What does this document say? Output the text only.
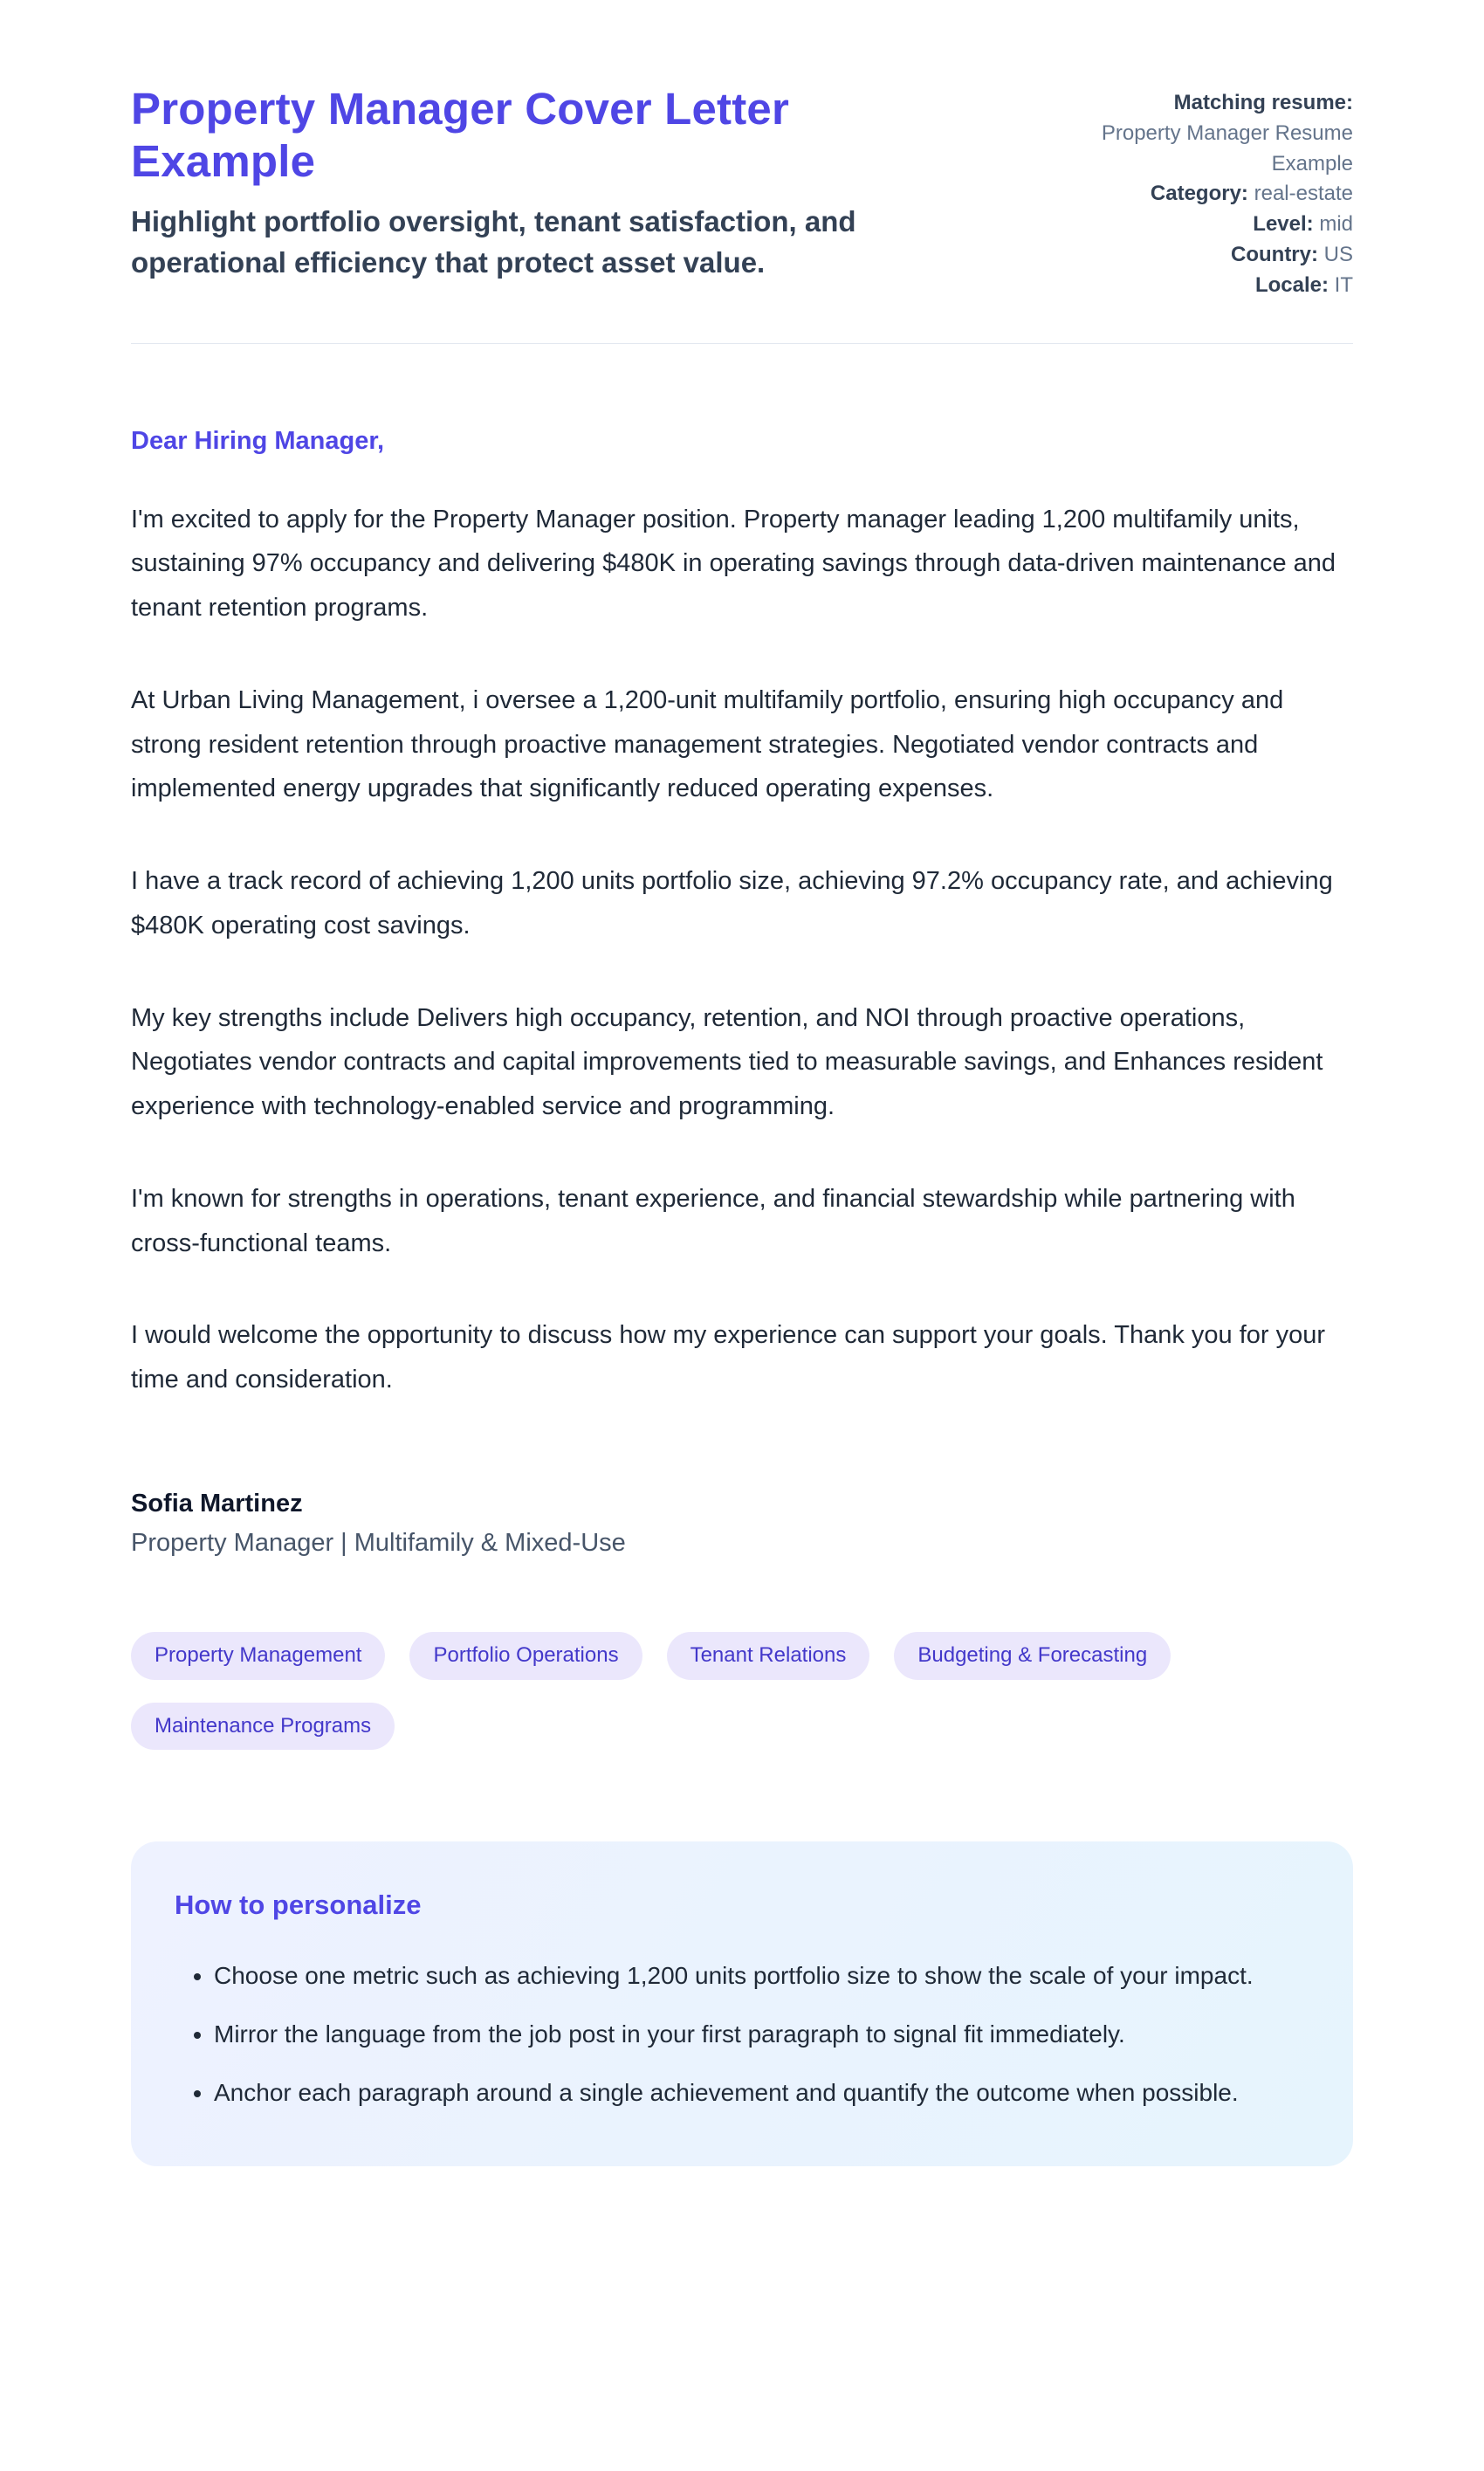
Property Manager Cover Letter Example

Highlight portfolio oversight, tenant satisfaction, and operational efficiency that protect asset value.

Matching resume:
Property Manager Resume Example
Category: real-estate
Level: mid
Country: US
Locale: IT

Dear Hiring Manager,

I'm excited to apply for the Property Manager position. Property manager leading 1,200 multifamily units, sustaining 97% occupancy and delivering $480K in operating savings through data-driven maintenance and tenant retention programs.

At Urban Living Management, i oversee a 1,200-unit multifamily portfolio, ensuring high occupancy and strong resident retention through proactive management strategies. Negotiated vendor contracts and implemented energy upgrades that significantly reduced operating expenses.

I have a track record of achieving 1,200 units portfolio size, achieving 97.2% occupancy rate, and achieving $480K operating cost savings.

My key strengths include Delivers high occupancy, retention, and NOI through proactive operations, Negotiates vendor contracts and capital improvements tied to measurable savings, and Enhances resident experience with technology-enabled service and programming.

I'm known for strengths in operations, tenant experience, and financial stewardship while partnering with cross-functional teams.

I would welcome the opportunity to discuss how my experience can support your goals. Thank you for your time and consideration.

Sofia Martinez

Property Manager | Multifamily & Mixed-Use

Property Management	Portfolio Operations	Tenant Relations	Budgeting & Forecasting
Maintenance Programs
How to personalize
• Choose one metric such as achieving 1,200 units portfolio size to show the scale of your impact.
• Mirror the language from the job post in your first paragraph to signal fit immediately.
• Anchor each paragraph around a single achievement and quantify the outcome when possible.
